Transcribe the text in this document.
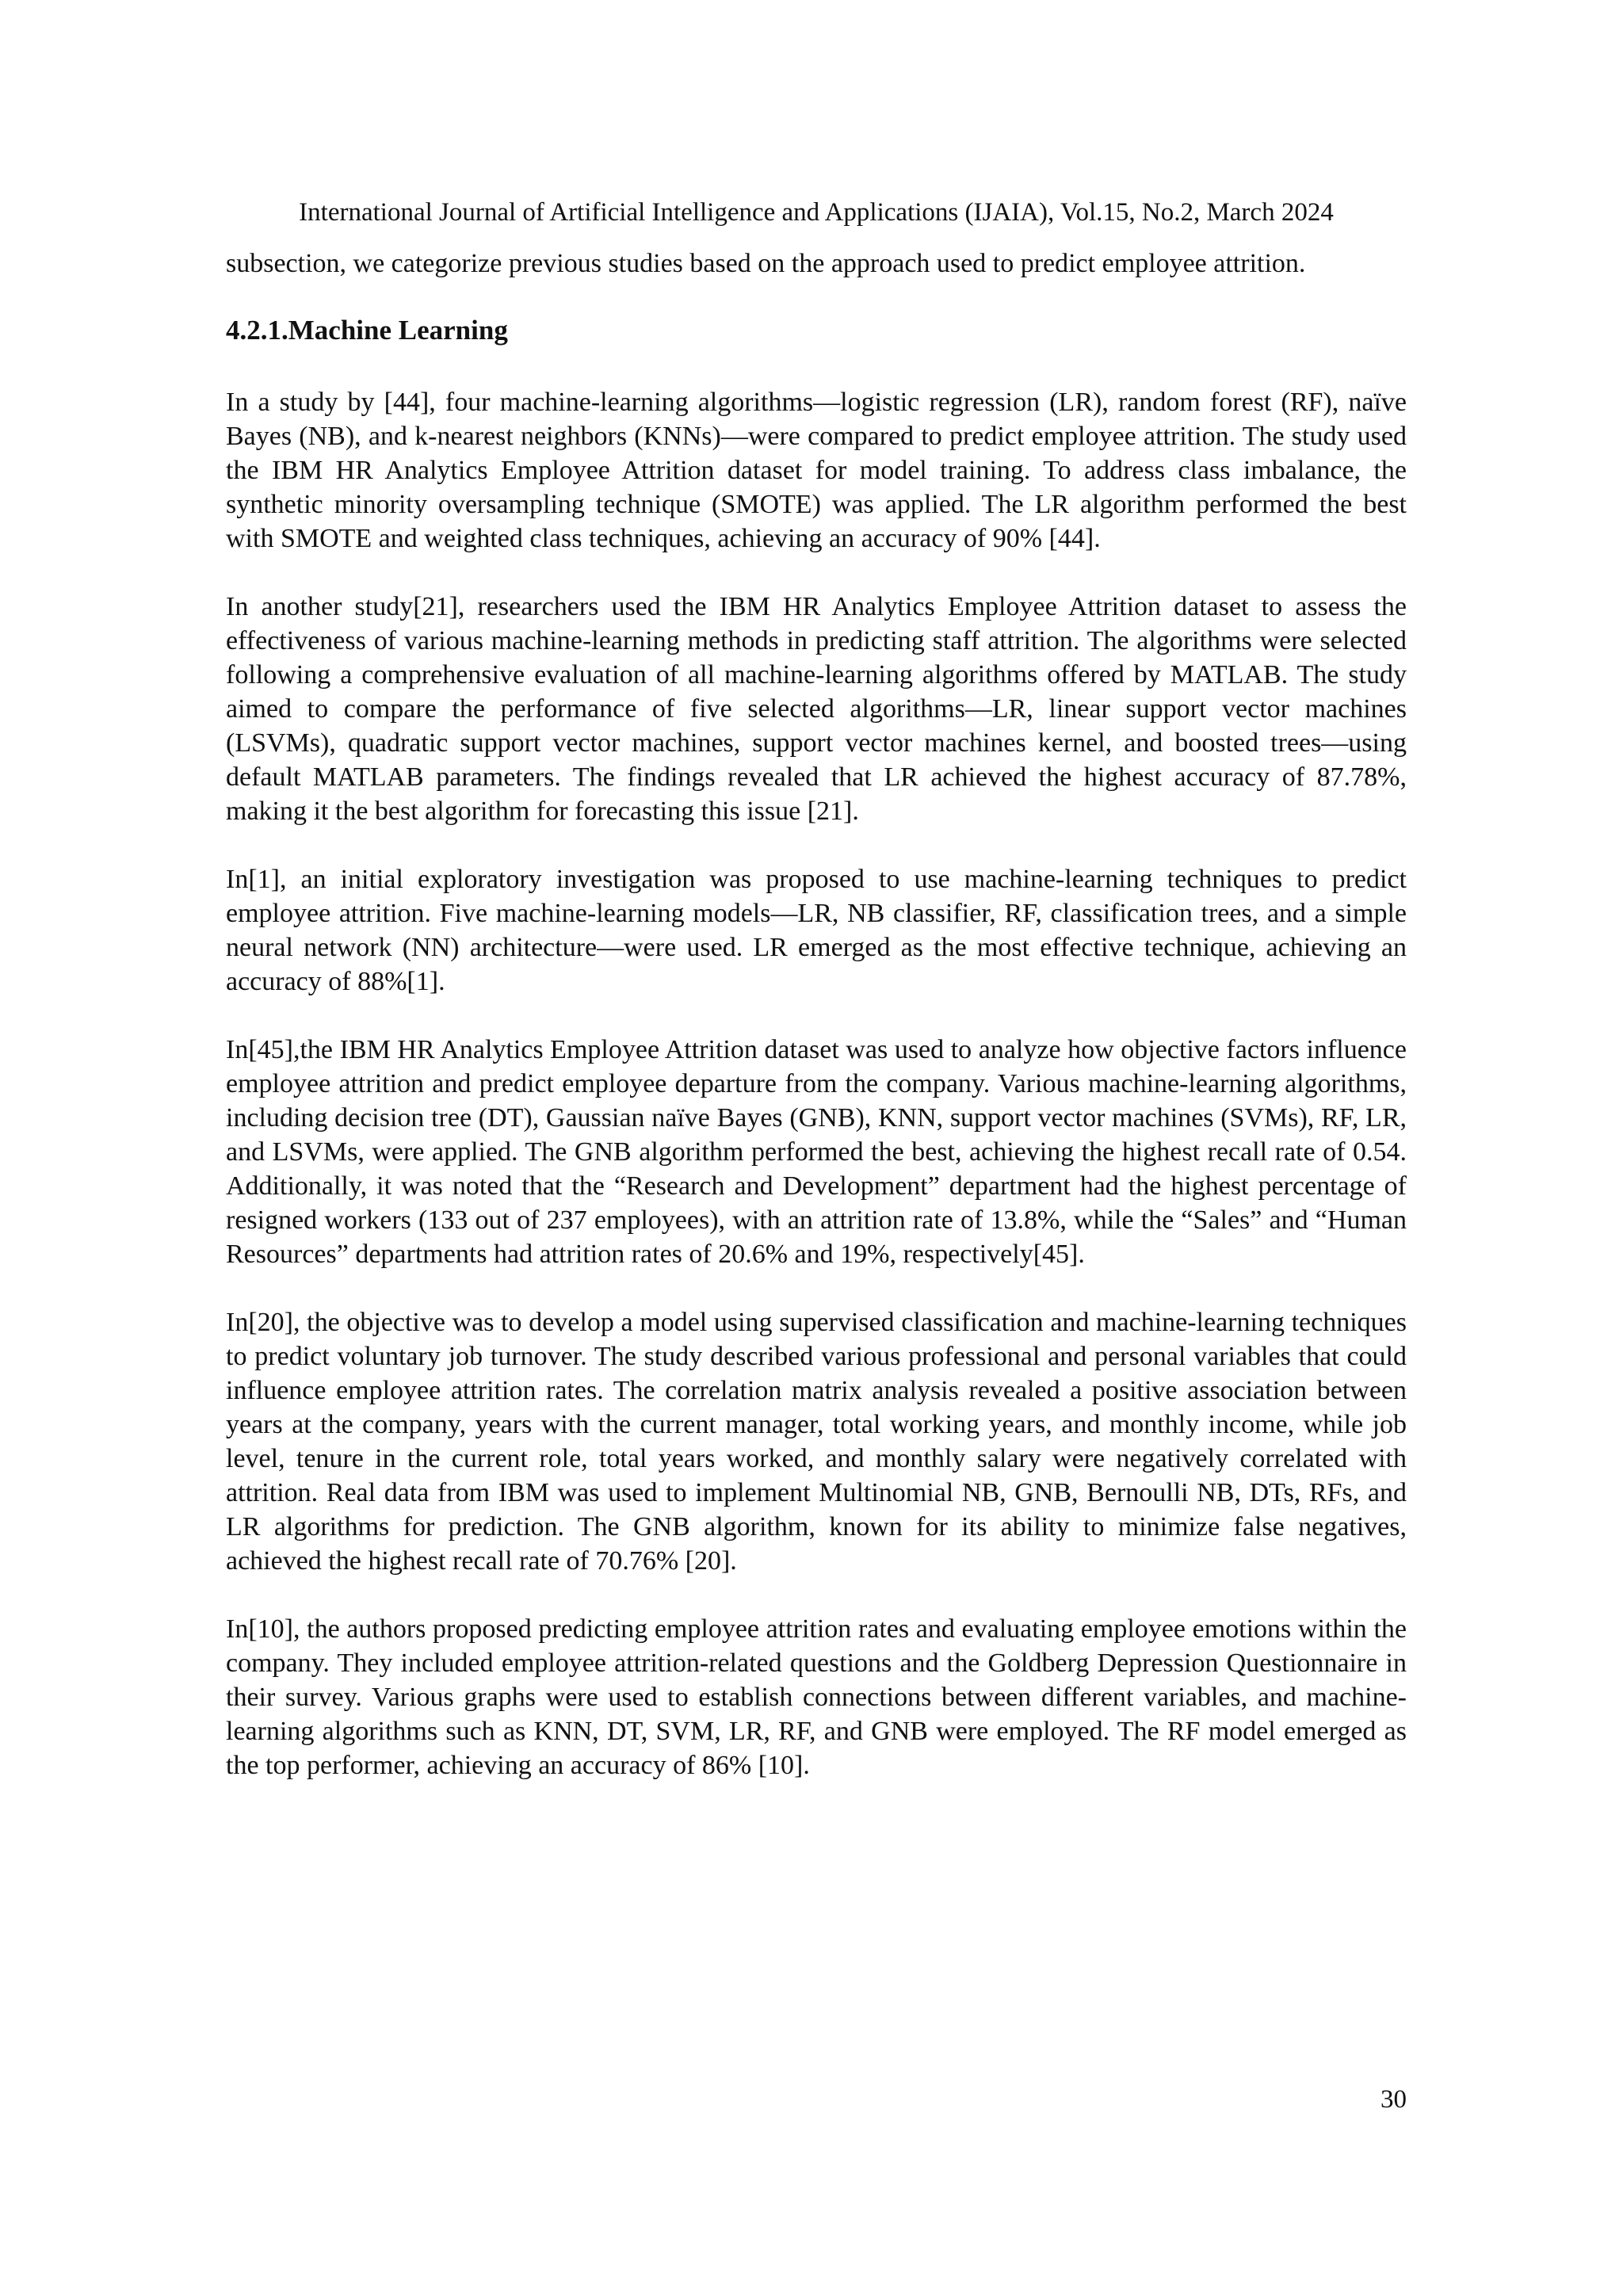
International Journal of Artificial Intelligence and Applications (IJAIA), Vol.15, No.2, March 2024

subsection, we categorize previous studies based on the approach used to predict employee attrition.

4.2.1.Machine Learning

In a study by [44], four machine-learning algorithms—logistic regression (LR), random forest (RF), naïve Bayes (NB), and k-nearest neighbors (KNNs)—were compared to predict employee attrition. The study used the IBM HR Analytics Employee Attrition dataset for model training. To address class imbalance, the synthetic minority oversampling technique (SMOTE) was applied. The LR algorithm performed the best with SMOTE and weighted class techniques, achieving an accuracy of 90% [44].

In another study[21], researchers used the IBM HR Analytics Employee Attrition dataset to assess the effectiveness of various machine-learning methods in predicting staff attrition. The algorithms were selected following a comprehensive evaluation of all machine-learning algorithms offered by MATLAB. The study aimed to compare the performance of five selected algorithms—LR, linear support vector machines (LSVMs), quadratic support vector machines, support vector machines kernel, and boosted trees—using default MATLAB parameters. The findings revealed that LR achieved the highest accuracy of 87.78%, making it the best algorithm for forecasting this issue [21].

In[1], an initial exploratory investigation was proposed to use machine-learning techniques to predict employee attrition. Five machine-learning models—LR, NB classifier, RF, classification trees, and a simple neural network (NN) architecture—were used. LR emerged as the most effective technique, achieving an accuracy of 88%[1].

In[45],the IBM HR Analytics Employee Attrition dataset was used to analyze how objective factors influence employee attrition and predict employee departure from the company. Various machine-learning algorithms, including decision tree (DT), Gaussian naïve Bayes (GNB), KNN, support vector machines (SVMs), RF, LR, and LSVMs, were applied. The GNB algorithm performed the best, achieving the highest recall rate of 0.54. Additionally, it was noted that the “Research and Development” department had the highest percentage of resigned workers (133 out of 237 employees), with an attrition rate of 13.8%, while the “Sales” and “Human Resources” departments had attrition rates of 20.6% and 19%, respectively[45].

In[20], the objective was to develop a model using supervised classification and machine-learning techniques to predict voluntary job turnover. The study described various professional and personal variables that could influence employee attrition rates. The correlation matrix analysis revealed a positive association between years at the company, years with the current manager, total working years, and monthly income, while job level, tenure in the current role, total years worked, and monthly salary were negatively correlated with attrition. Real data from IBM was used to implement Multinomial NB, GNB, Bernoulli NB, DTs, RFs, and LR algorithms for prediction. The GNB algorithm, known for its ability to minimize false negatives, achieved the highest recall rate of 70.76% [20].

In[10], the authors proposed predicting employee attrition rates and evaluating employee emotions within the company. They included employee attrition-related questions and the Goldberg Depression Questionnaire in their survey. Various graphs were used to establish connections between different variables, and machine-learning algorithms such as KNN, DT, SVM, LR, RF, and GNB were employed. The RF model emerged as the top performer, achieving an accuracy of 86% [10].

30
